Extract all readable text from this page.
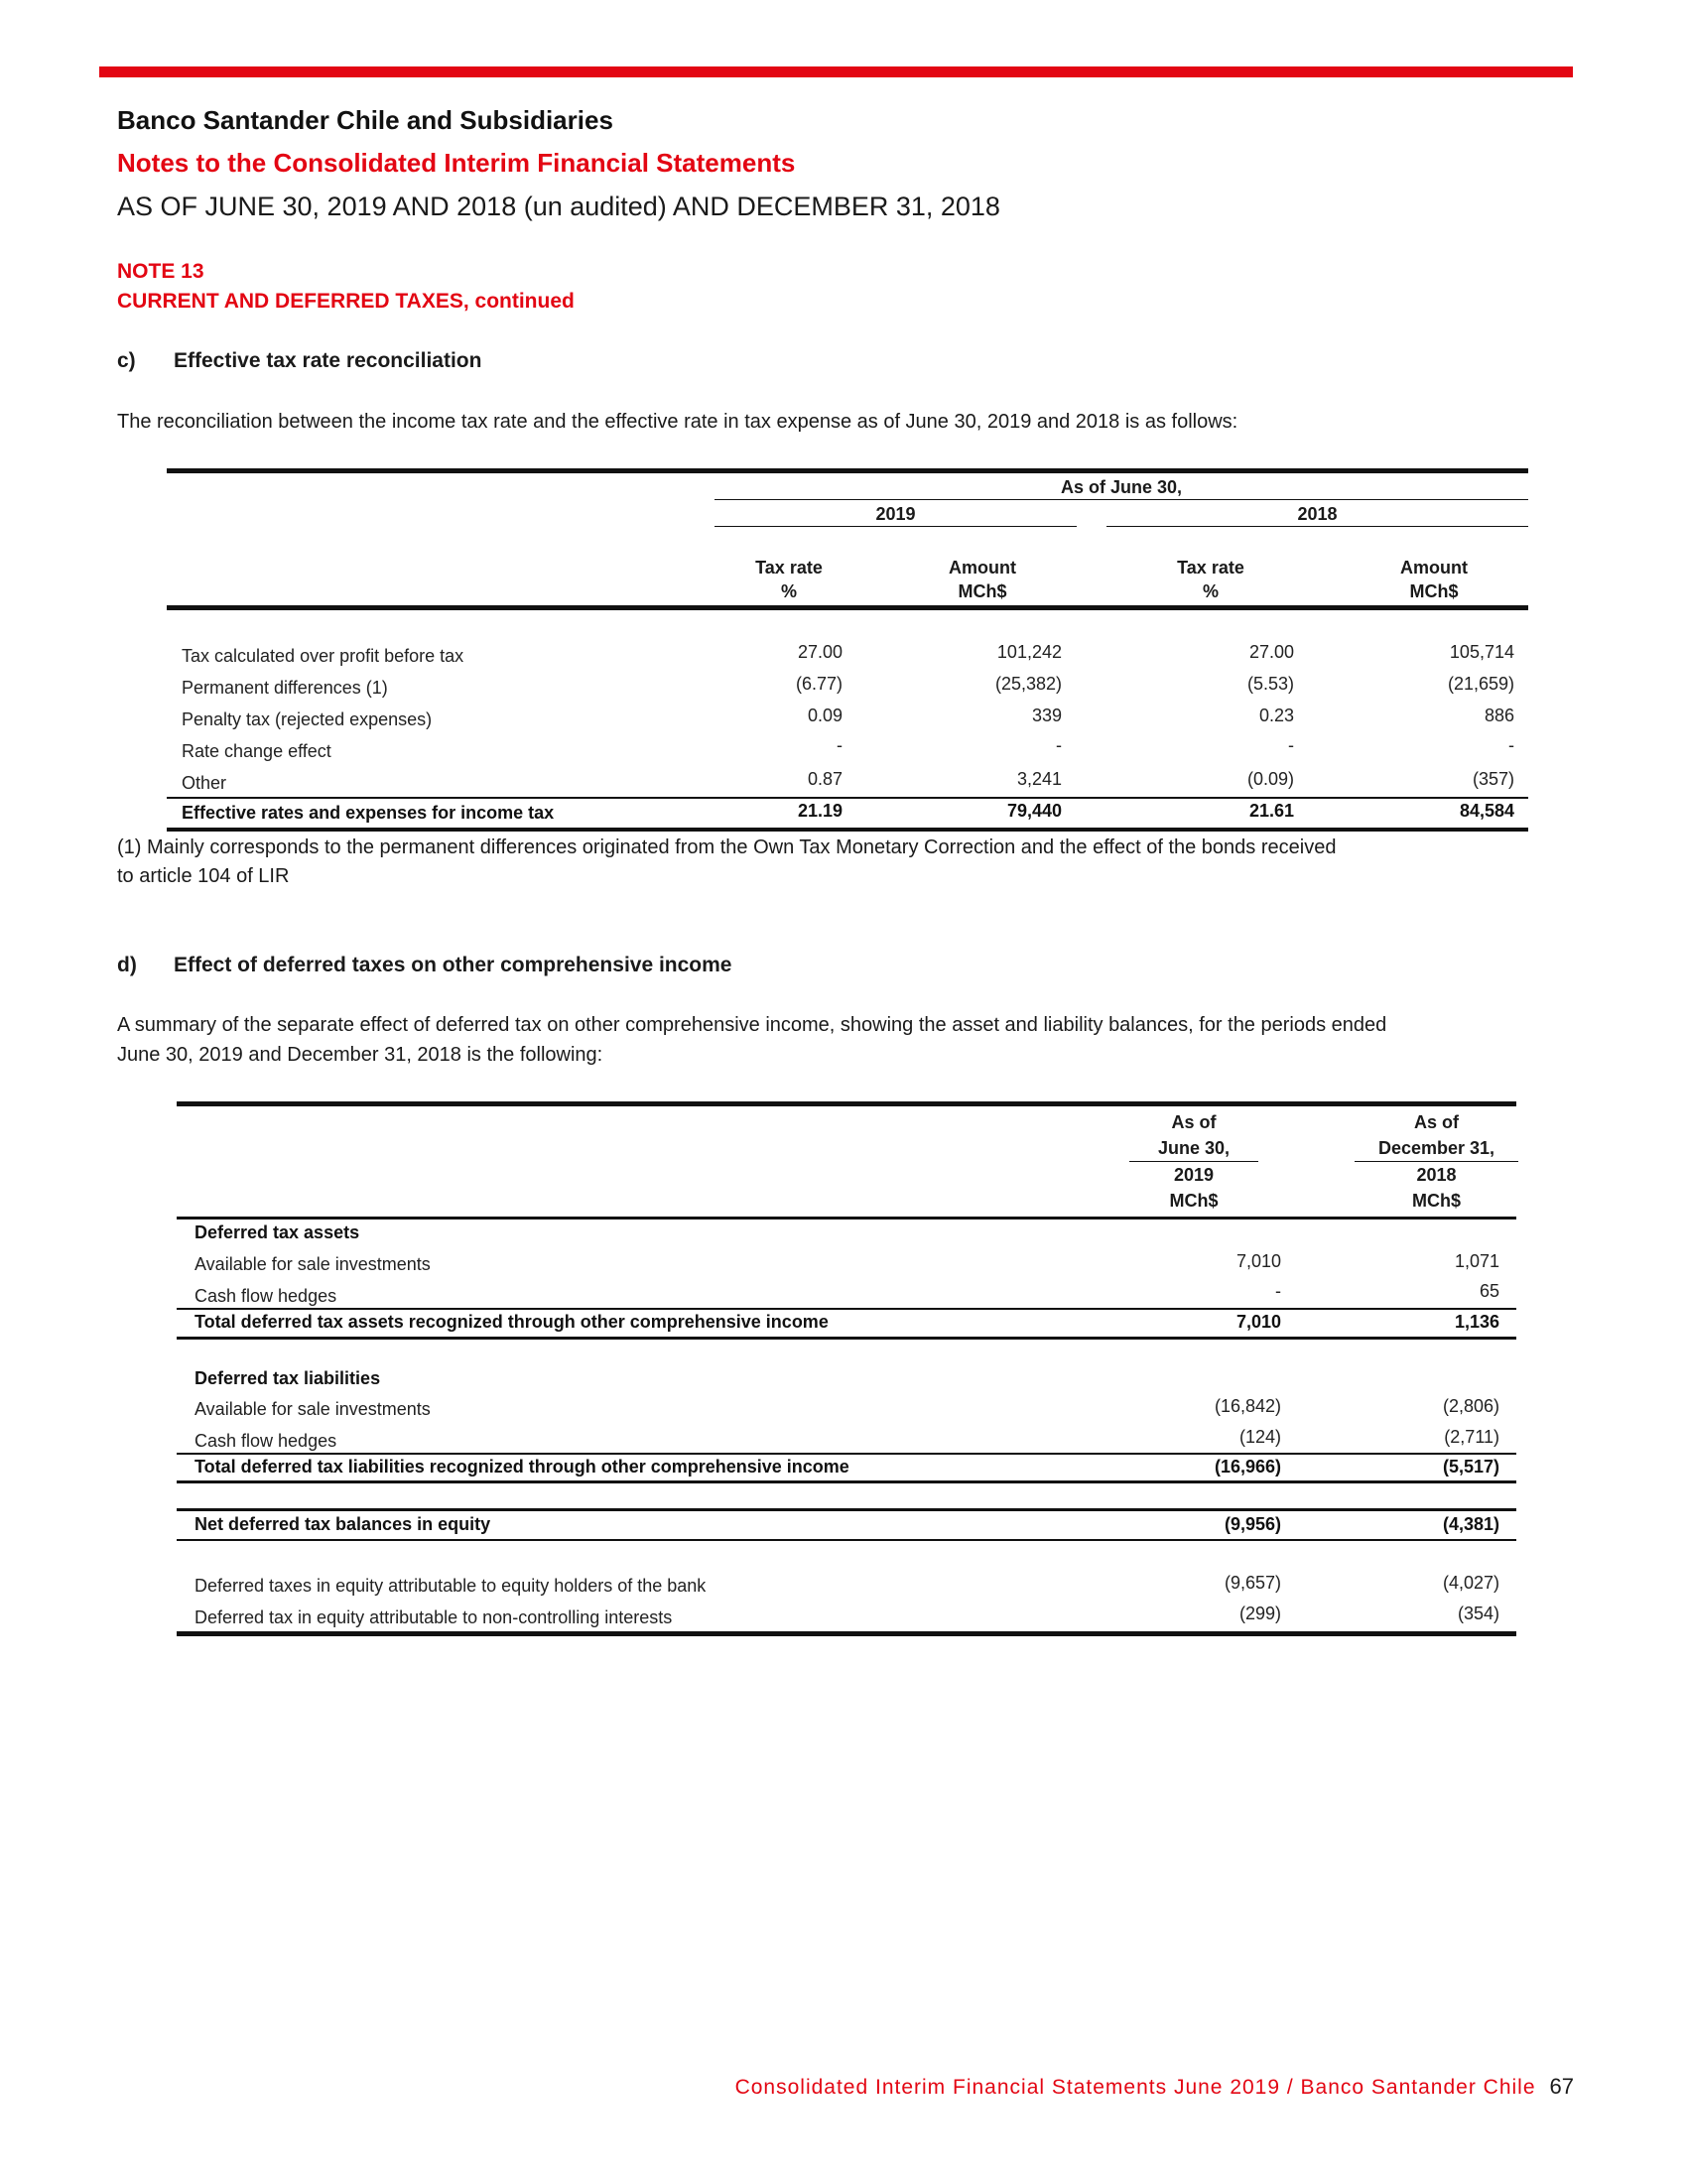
Banco Santander Chile and Subsidiaries
Notes to the Consolidated Interim Financial Statements
AS OF JUNE 30, 2019 AND 2018 (un audited) AND DECEMBER 31, 2018
NOTE 13
CURRENT AND DEFERRED TAXES, continued
c) Effective tax rate reconciliation
The reconciliation between the income tax rate and the effective rate in tax expense as of June 30, 2019 and 2018 is as follows:
As of June 30,
2019	2018
Tax rate
%
Amount
MCh$
Tax rate
%
Amount
MCh$
Tax calculated over profit before tax	27.00	101,242	27.00	105,714
Permanent differences (1)	(6.77)	(25,382)	(5.53)	(21,659)
Penalty tax (rejected expenses)	0.09	339	0.23	886
Rate change effect	-	-	-	-
Other	0.87	3,241	(0.09)	(357)
Effective rates and expenses for income tax	21.19	79,440	21.61	84,584
(1) Mainly corresponds to the permanent differences originated from the Own Tax Monetary Correction and the effect of the bonds received
to article 104 of LIR
d) Effect of deferred taxes on other comprehensive income
A summary of the separate effect of deferred tax on other comprehensive income, showing the asset and liability balances, for the periods ended
June 30, 2019 and December 31, 2018 is the following:
As of
June 30,
2019
MCh$
As of
December 31,
2018
MCh$
Deferred tax assets
Available for sale investments	7,010	1,071
Cash flow hedges	-	65
Total deferred tax assets recognized through other comprehensive income	7,010	1,136
Deferred tax liabilities
Available for sale investments	(16,842)	(2,806)
Cash flow hedges	(124)	(2,711)
Total deferred tax liabilities recognized through other comprehensive income	(16,966)	(5,517)
Net deferred tax balances in equity	(9,956)	(4,381)
Deferred taxes in equity attributable to equity holders of the bank	(9,657)	(4,027)
Deferred tax in equity attributable to non-controlling interests	(299)	(354)
Consolidated Interim Financial Statements June 2019 / Banco Santander Chile 67
